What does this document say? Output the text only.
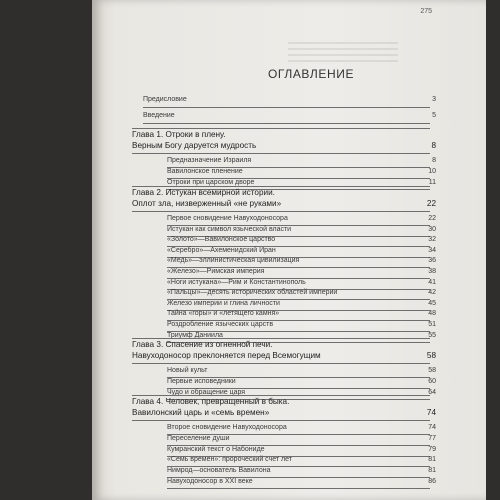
275
ОГЛАВЛЕНИЕ
Предисловие	3
Введение	5
Глава 1. Отроки в плену.
Верным Богу даруется мудрость	8
Предназначение Израиля	8
Вавилонское пленение	10
Отроки при царском дворе	11
Глава 2. Истукан всемирной истории.
Оплот зла, низверженный «не руками»	22
Первое сновидение Навуходоносора	22
Истукан как символ языческой власти	30
«Золото»—Вавилонское царство	32
«Серебро»—Ахеменидский Иран	34
«Медь»—эллинистическая цивилизация	36
«Железо»—Римская империя	38
«Ноги истукана»—Рим и Константинополь	41
«Пальцы»—десять исторических областей империи	42
Железо империи и глина личности	45
Тайна «горы» и «летящего камня»	48
Роздробление языческих царств	51
Триумф Даниила	55
Глава 3. Спасение из огненной печи.
Навуходоносор преклоняется перед Всемогущим	58
Новый культ	58
Первые исповедники	60
Чудо и обращение царя	64
Глава 4. Человек, превращенный в быка.
Вавилонский царь и «семь времен»	74
Второе сновидение Навуходоносора	74
Переселение души	77
Кумранский текст о Набониде	79
«Семь времен»: пророческий счет лет	81
Нимрод—основатель Вавилона	81
Навуходоносор в XXI веке	86
